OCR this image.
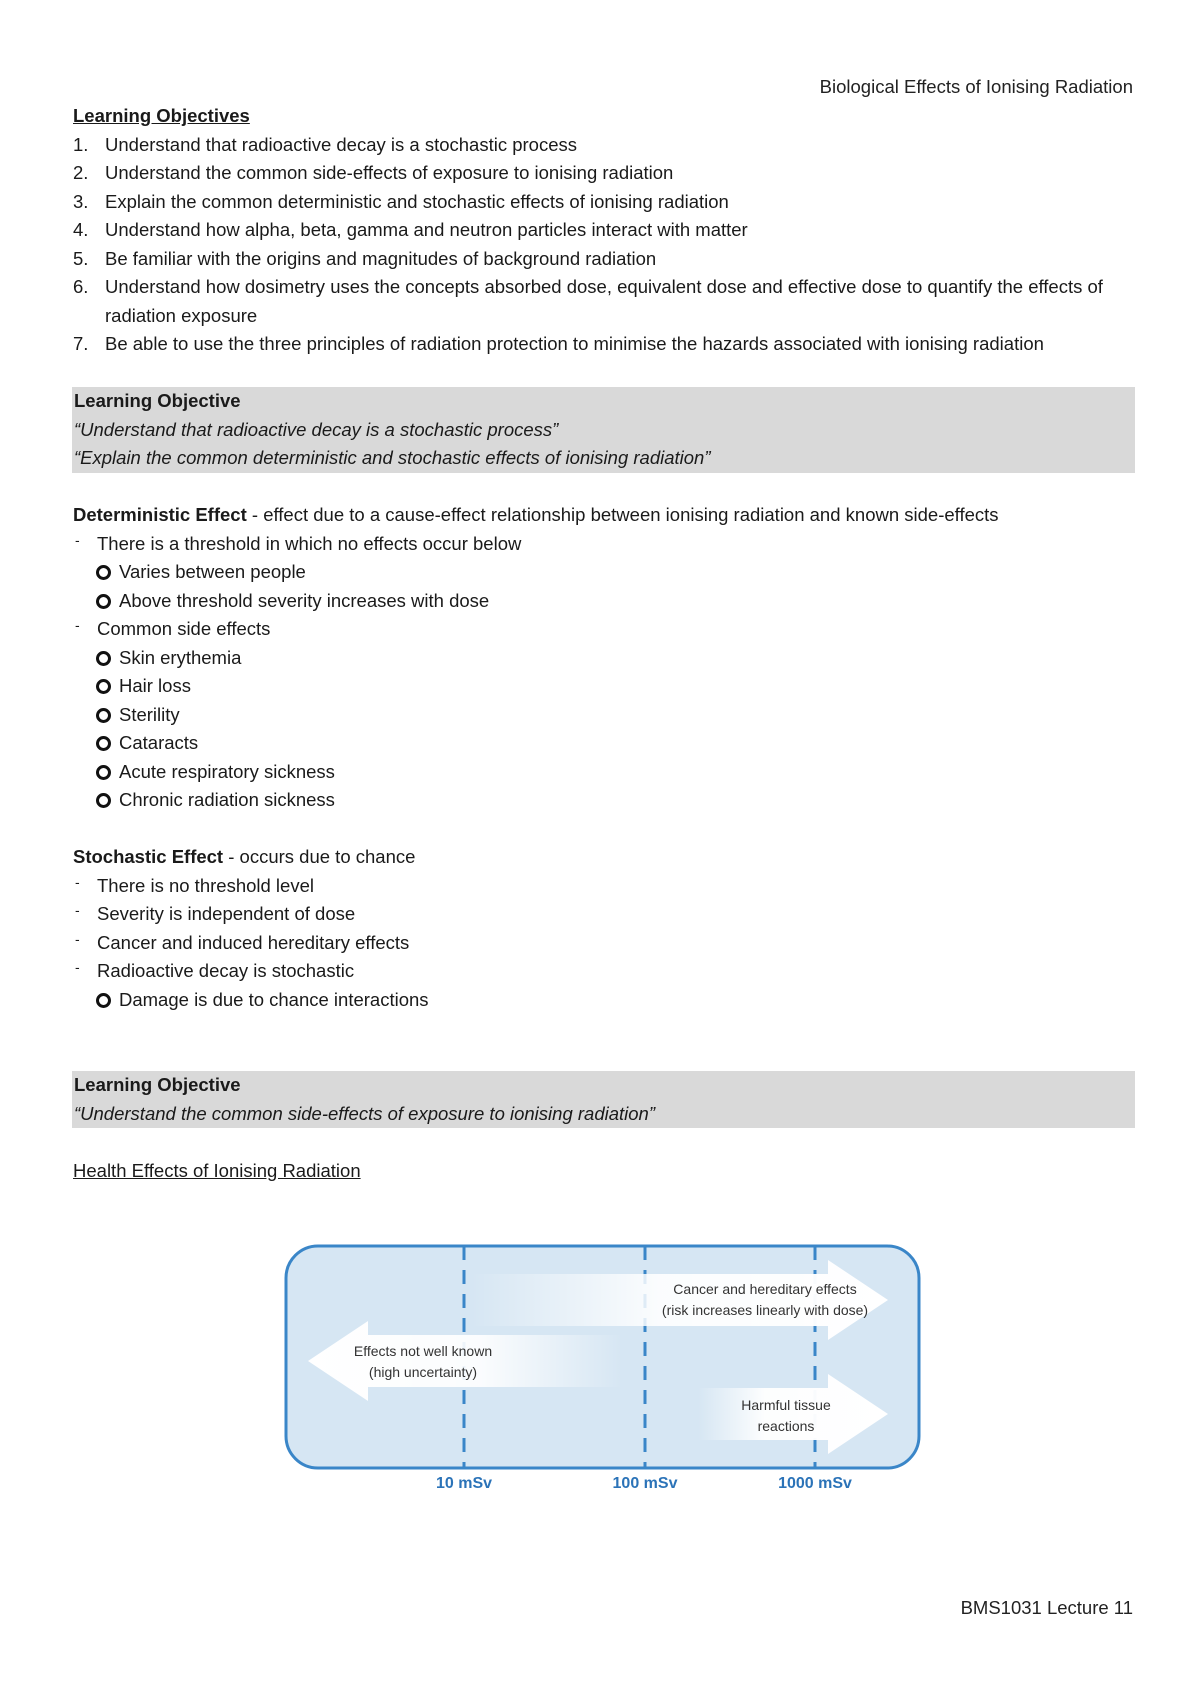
Biological Effects of Ionising Radiation
Learning Objectives
1. Understand that radioactive decay is a stochastic process
2. Understand the common side-effects of exposure to ionising radiation
3. Explain the common deterministic and stochastic effects of ionising radiation
4. Understand how alpha, beta, gamma and neutron particles interact with matter
5. Be familiar with the origins and magnitudes of background radiation
6. Understand how dosimetry uses the concepts absorbed dose, equivalent dose and effective dose to quantify the effects of radiation exposure
7. Be able to use the three principles of radiation protection to minimise the hazards associated with ionising radiation
Learning Objective
“Understand that radioactive decay is a stochastic process”
“Explain the common deterministic and stochastic effects of ionising radiation”
Deterministic Effect - effect due to a cause-effect relationship between ionising radiation and known side-effects
- There is a threshold in which no effects occur below
Varies between people
Above threshold severity increases with dose
- Common side effects
Skin erythemia
Hair loss
Sterility
Cataracts
Acute respiratory sickness
Chronic radiation sickness
Stochastic Effect - occurs due to chance
- There is no threshold level
- Severity is independent of dose
- Cancer and induced hereditary effects
- Radioactive decay is stochastic
Damage is due to chance interactions
Learning Objective
“Understand the common side-effects of exposure to ionising radiation”
Health Effects of Ionising Radiation
Cancer and hereditary effects
(risk increases linearly with dose)
Effects not well known
(high uncertainty)
Harmful tissue
reactions
10 mSv	100 mSv	1000 mSv
BMS1031 Lecture 11
